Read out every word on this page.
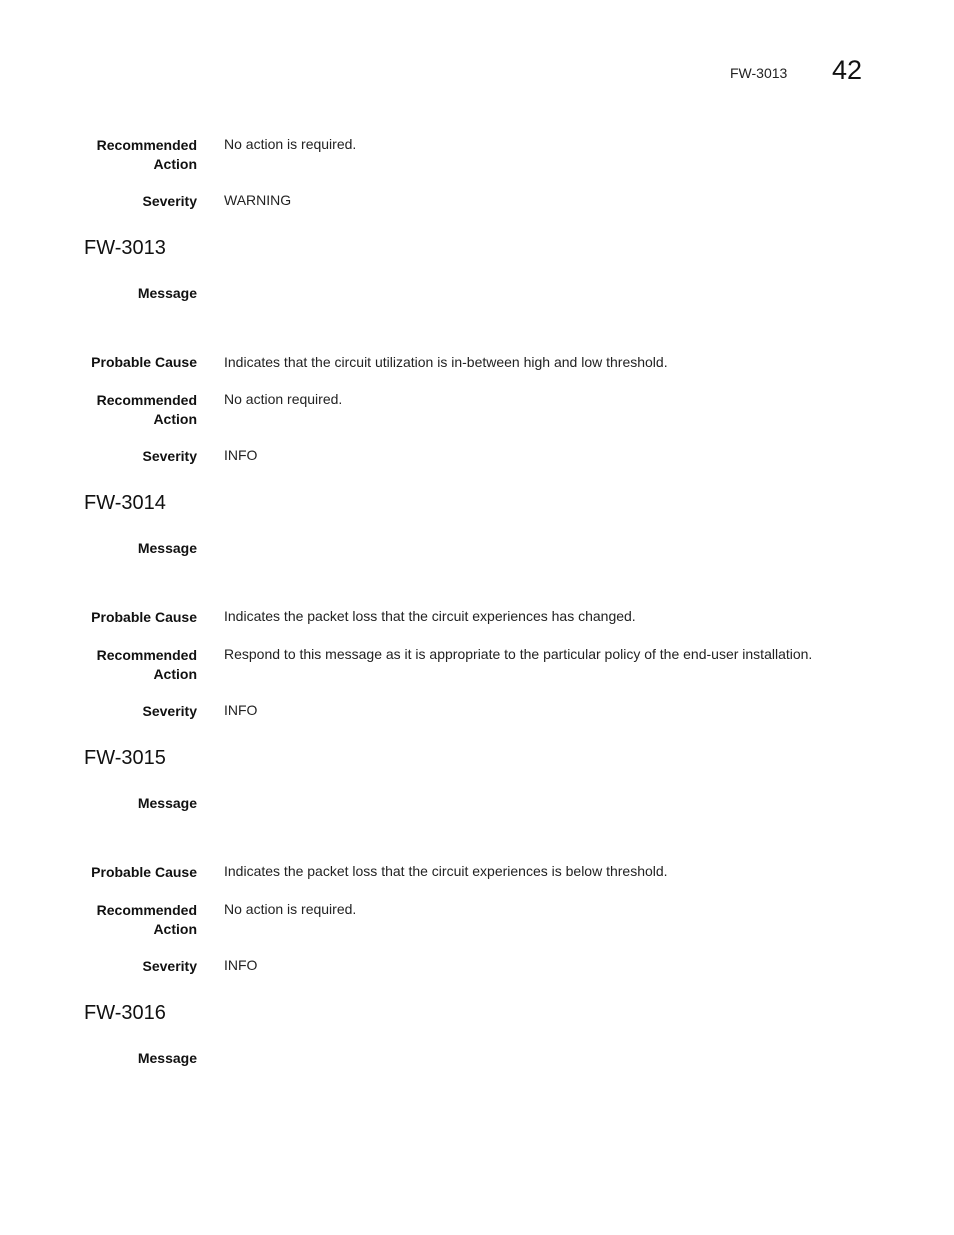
FW-3013 42
Recommended Action
No action is required.
Severity WARNING
FW-3013
Message
Probable Cause Indicates that the circuit utilization is in-between high and low threshold.
Recommended Action
No action required.
Severity INFO
FW-3014
Message
Probable Cause Indicates the packet loss that the circuit experiences has changed.
Recommended Action
Respond to this message as it is appropriate to the particular policy of the end-user installation.
Severity INFO
FW-3015
Message
Probable Cause Indicates the packet loss that the circuit experiences is below threshold.
Recommended Action
No action is required.
Severity INFO
FW-3016
Message
